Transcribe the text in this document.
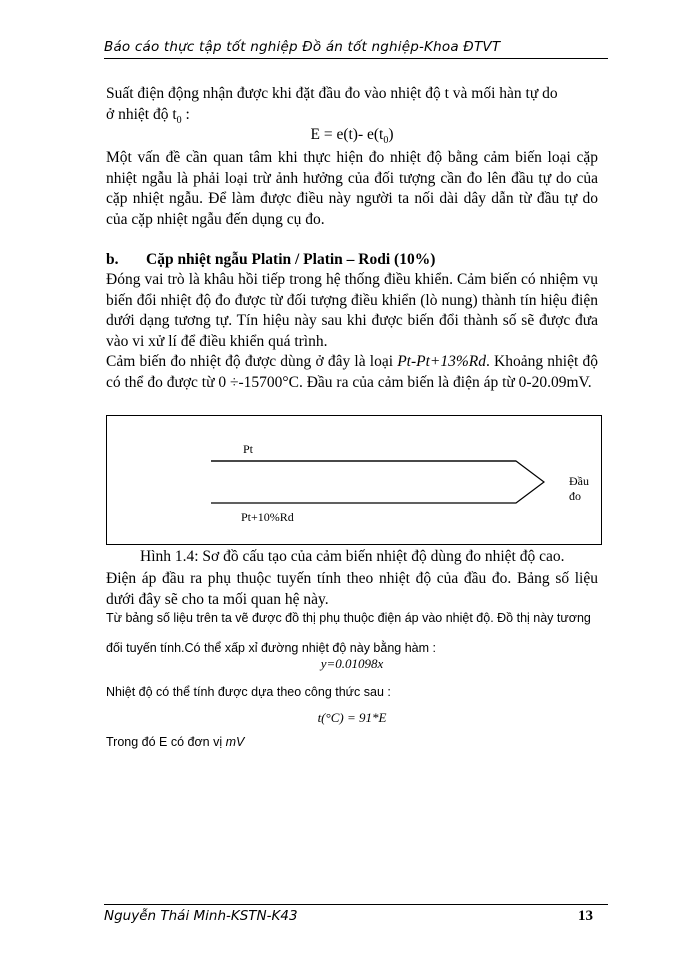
Báo cáo thực tập tốt nghiệp Đồ án tốt nghiệp-Khoa ĐTVT

Suất điện động nhận được khi đặt đầu đo vào nhiệt độ t và mối hàn tự do
ở nhiệt độ $t_0$ :

E = e(t)- $e(t_0)$

Một vấn đề cần quan tâm khi thực hiện đo nhiệt độ bằng cảm biến loại cặp nhiệt ngẫu là phải loại trừ ảnh hưởng của đối tượng cần đo lên đầu tự do của cặp nhiệt ngẫu. Để làm được điều này người ta nối dài dây dẫn từ đầu tự do của cặp nhiệt ngẫu đến dụng cụ đo.

b. Cặp nhiệt ngẫu Platin / Platin – Rodi (10%)

Đóng vai trò là khâu hồi tiếp trong hệ thống điều khiển. Cảm biến có nhiệm vụ biến đổi nhiệt độ đo được từ đối tượng điều khiển (lò nung) thành tín hiệu điện dưới dạng tương tự. Tín hiệu này sau khi được biến đổi thành số sẽ được đưa vào vi xử lí để điều khiển quá trình.

Cảm biến đo nhiệt độ được dùng ở đây là loại Pt-Pt+13%Rd. Khoảng nhiệt độ có thể đo được từ 0 ÷-15700°C. Đầu ra của cảm biến là điện áp từ 0-20.09mV.

Pt
Pt+10%Rd
Đầu đo
Hình 1.4: Sơ đồ cấu tạo của cảm biến nhiệt độ dùng đo nhiệt độ cao.

Điện áp đầu ra phụ thuộc tuyến tính theo nhiệt độ của đầu đo. Bảng số liệu dưới đây sẽ cho ta mối quan hệ này.

Từ bảng số liệu trên ta vẽ được đồ thị phụ thuộc điện áp vào nhiệt độ. Đồ thị này tương đối tuyến tính.Có thể xấp xỉ đường nhiệt độ này bằng hàm :

y=0.01098x

Nhiệt độ có thể tính được dựa theo công thức sau :

t(°C) = 91*E

Trong đó E có đơn vị mV

Nguyễn Thái Minh-KSTN-K43	13
